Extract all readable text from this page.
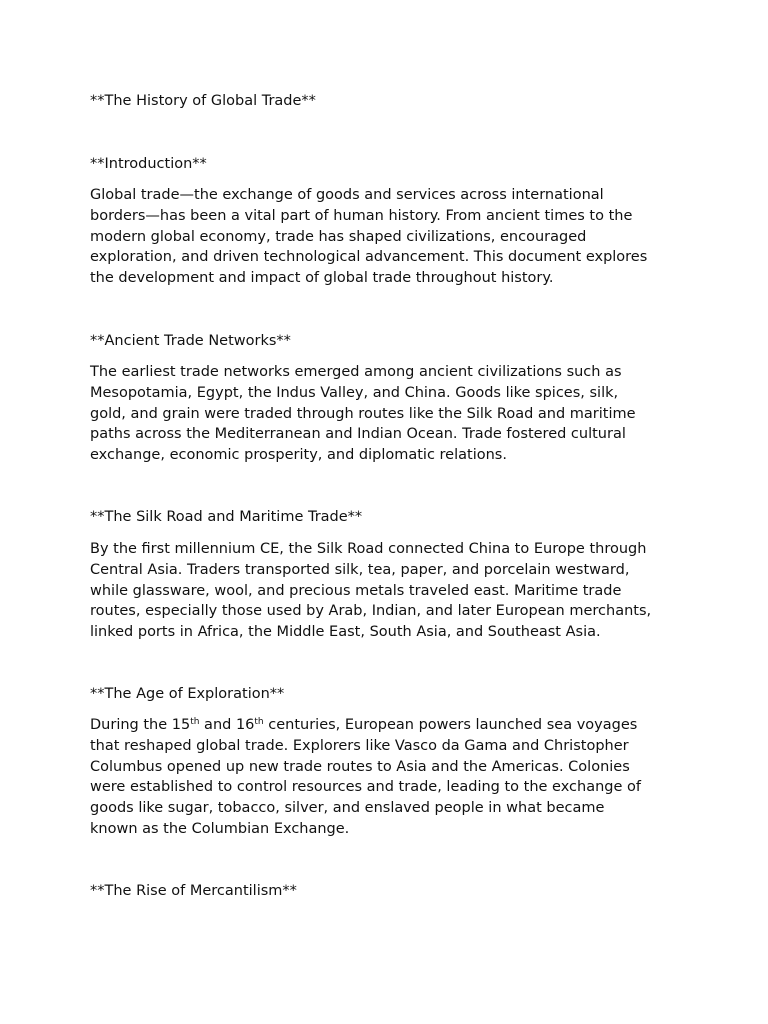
**The History of Global Trade**
**Introduction**
Global trade—the exchange of goods and services across international
borders—has been a vital part of human history. From ancient times to the
modern global economy, trade has shaped civilizations, encouraged
exploration, and driven technological advancement. This document explores
the development and impact of global trade throughout history.
**Ancient Trade Networks**
The earliest trade networks emerged among ancient civilizations such as
Mesopotamia, Egypt, the Indus Valley, and China. Goods like spices, silk,
gold, and grain were traded through routes like the Silk Road and maritime
paths across the Mediterranean and Indian Ocean. Trade fostered cultural
exchange, economic prosperity, and diplomatic relations.
**The Silk Road and Maritime Trade**
By the first millennium CE, the Silk Road connected China to Europe through
Central Asia. Traders transported silk, tea, paper, and porcelain westward,
while glassware, wool, and precious metals traveled east. Maritime trade
routes, especially those used by Arab, Indian, and later European merchants,
linked ports in Africa, the Middle East, South Asia, and Southeast Asia.
**The Age of Exploration**
During the 15th and 16th centuries, European powers launched sea voyages
that reshaped global trade. Explorers like Vasco da Gama and Christopher
Columbus opened up new trade routes to Asia and the Americas. Colonies
were established to control resources and trade, leading to the exchange of
goods like sugar, tobacco, silver, and enslaved people in what became
known as the Columbian Exchange.
**The Rise of Mercantilism**
